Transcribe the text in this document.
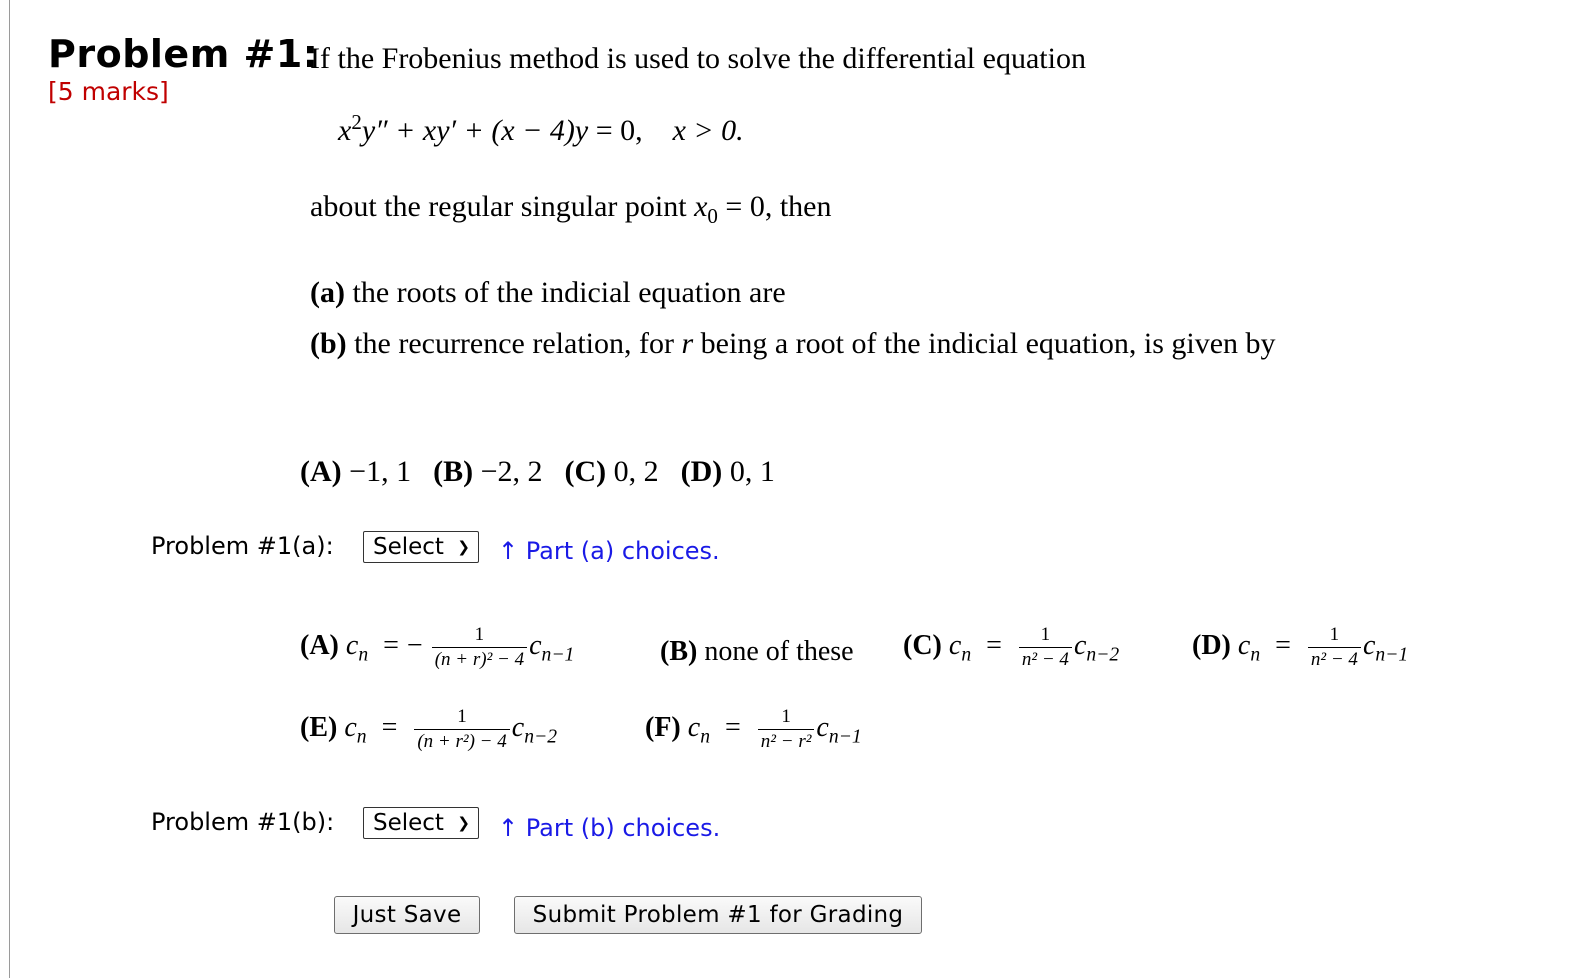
Problem #1:
[5 marks]
If the Frobenius method is used to solve the differential equation
$x^2y'' + xy' + (x - 4)y = 0$, x > 0.
about the regular singular point $x_0 = 0$, then
(a) the roots of the indicial equation are
(b) the recurrence relation, for r being a root of the indicial equation, is given by
(A) −1, 1 (B) −2, 2 (C) 0, 2 (D) 0, 1
Problem #1(a):	Select ❯ ↑ Part (a) choices.
(A) $c_n$ = − $\frac{1}{\text{(n + r)² − 4}} c_{n-1}$	(B) none of these (C) $c_n = \frac{1}{\text{n² − 4}} c_{n-2}$	(D) $c_n = \frac{1}{\text{n² − 4}} c_{n-1}$
(E) $c_n = \frac{1}{\text{(n + r²) − 4}} c_{n-2}$	(F) $c_n = \frac{1}{\text{n² − r²}} c_{n-1}$
Problem #1(b):	Select ❯ ↑ Part (b) choices.
Just Save	Submit Problem #1 for Grading
